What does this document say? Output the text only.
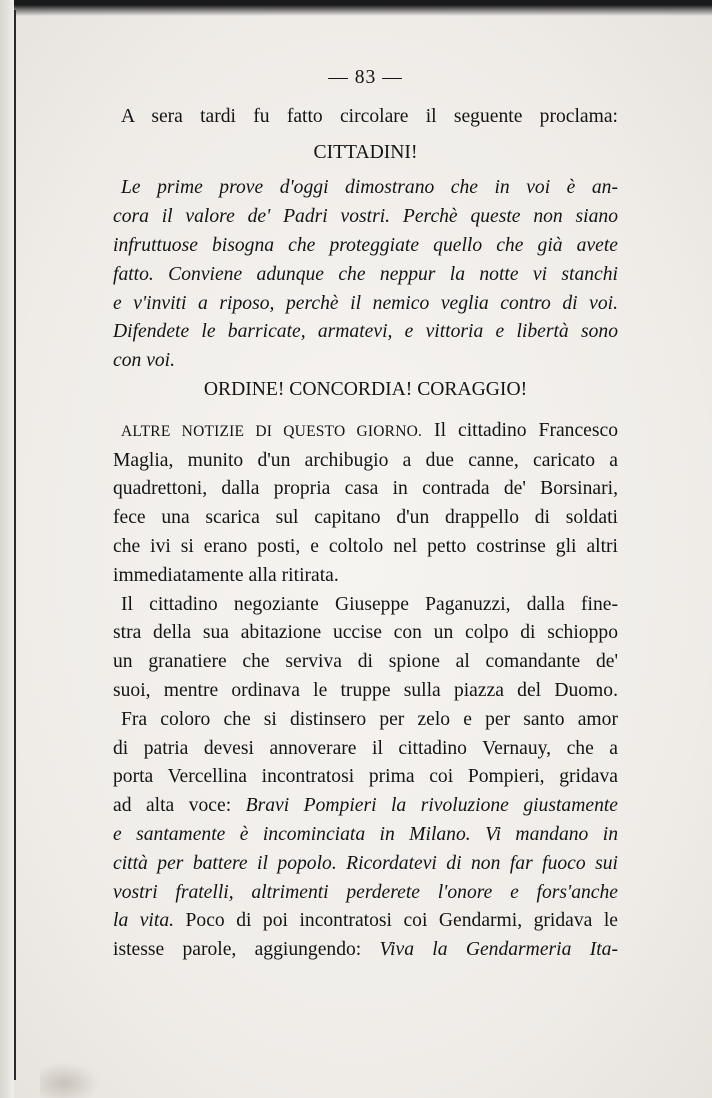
— 83 —
A sera tardi fu fatto circolare il seguente proclama:
CITTADINI!
Le prime prove d'oggi dimostrano che in voi è an-
cora il valore de' Padri vostri. Perchè queste non siano
infruttuose bisogna che proteggiate quello che già avete
fatto. Conviene adunque che neppur la notte vi stanchi
e v'inviti a riposo, perchè il nemico veglia contro di voi.
Difendete le barricate, armatevi, e vittoria e libertà sono
con voi.
ORDINE! CONCORDIA! CORAGGIO!
ALTRE NOTIZIE DI QUESTO GIORNO. Il cittadino Francesco
Maglia, munito d'un archibugio a due canne, caricato a
quadrettoni, dalla propria casa in contrada de' Borsinari,
fece una scarica sul capitano d'un drappello di soldati
che ivi si erano posti, e coltolo nel petto costrinse gli altri
immediatamente alla ritirata.
Il cittadino negoziante Giuseppe Paganuzzi, dalla fine-
stra della sua abitazione uccise con un colpo di schioppo
un granatiere che serviva di spione al comandante de'
suoi, mentre ordinava le truppe sulla piazza del Duomo.
Fra coloro che si distinsero per zelo e per santo amor
di patria devesi annoverare il cittadino Vernauy, che a
porta Vercellina incontratosi prima coi Pompieri, gridava
ad alta voce: Bravi Pompieri la rivoluzione giustamente
e santamente è incominciata in Milano. Vi mandano in
città per battere il popolo. Ricordatevi di non far fuoco sui
vostri fratelli, altrimenti perderete l'onore e fors'anche
la vita. Poco di poi incontratosi coi Gendarmi, gridava le
istesse parole, aggiungendo: Viva la Gendarmeria Ita-
